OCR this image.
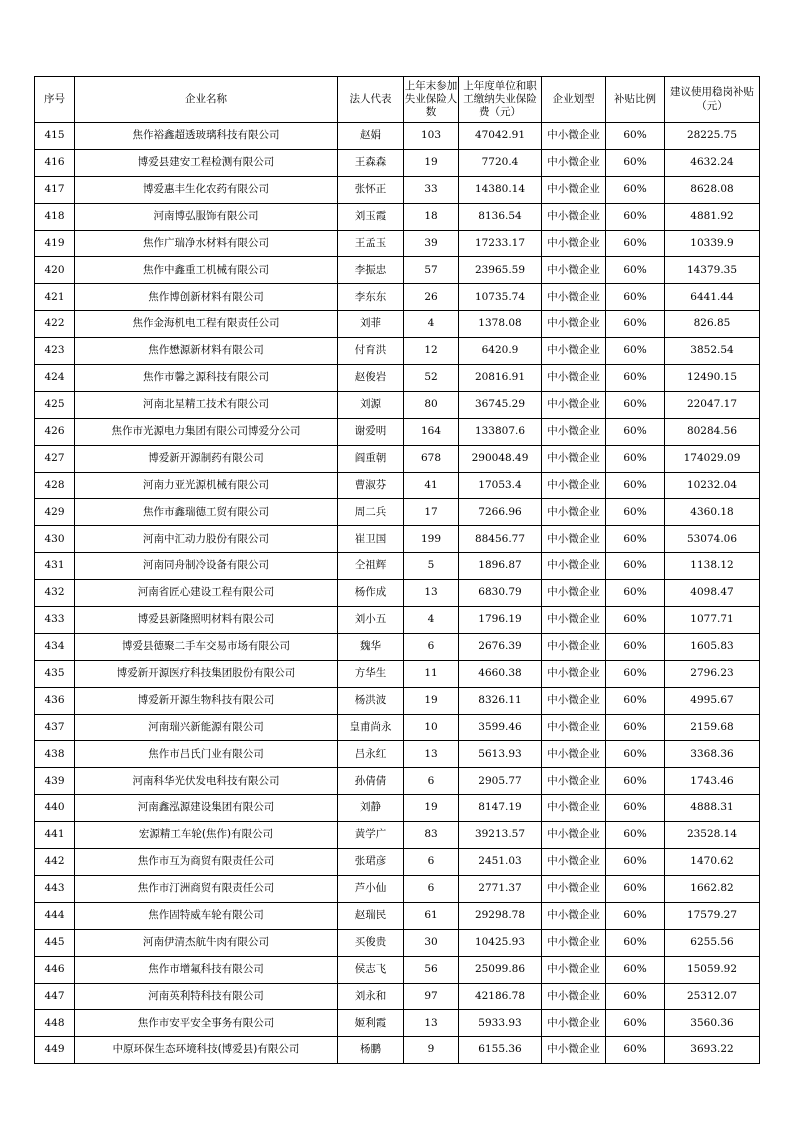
序号	企业名称	法人代表	上年末参加失业保险人数	上年度单位和职工缴纳失业保险费（元）	企业划型	补贴比例	建议使用稳岗补贴（元）
415	焦作裕鑫超透玻璃科技有限公司	赵娟	103	47042.91	中小微企业	60%	28225.75
416	博爱县建安工程检测有限公司	王森森	19	7720.4	中小微企业	60%	4632.24
417	博爱惠丰生化农药有限公司	张怀正	33	14380.14	中小微企业	60%	8628.08
418	河南博弘服饰有限公司	刘玉霞	18	8136.54	中小微企业	60%	4881.92
419	焦作广瑞净水材料有限公司	王孟玉	39	17233.17	中小微企业	60%	10339.9
420	焦作中鑫重工机械有限公司	李振忠	57	23965.59	中小微企业	60%	14379.35
421	焦作博创新材料有限公司	李东东	26	10735.74	中小微企业	60%	6441.44
422	焦作金海机电工程有限责任公司	刘菲	4	1378.08	中小微企业	60%	826.85
423	焦作懋源新材料有限公司	付育洪	12	6420.9	中小微企业	60%	3852.54
424	焦作市馨之源科技有限公司	赵俊岩	52	20816.91	中小微企业	60%	12490.15
425	河南北星精工技术有限公司	刘源	80	36745.29	中小微企业	60%	22047.17
426	焦作市光源电力集团有限公司博爱分公司	谢爱明	164	133807.6	中小微企业	60%	80284.56
427	博爱新开源制药有限公司	阎重朝	678	290048.49	中小微企业	60%	174029.09
428	河南力亚光源机械有限公司	曹淑芬	41	17053.4	中小微企业	60%	10232.04
429	焦作市鑫瑞德工贸有限公司	周二兵	17	7266.96	中小微企业	60%	4360.18
430	河南中汇动力股份有限公司	崔卫国	199	88456.77	中小微企业	60%	53074.06
431	河南同舟制冷设备有限公司	仝祖辉	5	1896.87	中小微企业	60%	1138.12
432	河南省匠心建设工程有限公司	杨作成	13	6830.79	中小微企业	60%	4098.47
433	博爱县新隆照明材料有限公司	刘小五	4	1796.19	中小微企业	60%	1077.71
434	博爱县德聚二手车交易市场有限公司	魏华	6	2676.39	中小微企业	60%	1605.83
435	博爱新开源医疗科技集团股份有限公司	方华生	11	4660.38	中小微企业	60%	2796.23
436	博爱新开源生物科技有限公司	杨洪波	19	8326.11	中小微企业	60%	4995.67
437	河南瑞兴新能源有限公司	皇甫尚永	10	3599.46	中小微企业	60%	2159.68
438	焦作市吕氏门业有限公司	吕永红	13	5613.93	中小微企业	60%	3368.36
439	河南科华光伏发电科技有限公司	孙倩倩	6	2905.77	中小微企业	60%	1743.46
440	河南鑫泓源建设集团有限公司	刘静	19	8147.19	中小微企业	60%	4888.31
441	宏源精工车轮(焦作)有限公司	黄学广	83	39213.57	中小微企业	60%	23528.14
442	焦作市互为商贸有限责任公司	张珺彦	6	2451.03	中小微企业	60%	1470.62
443	焦作市汀洲商贸有限责任公司	芦小仙	6	2771.37	中小微企业	60%	1662.82
444	焦作固特威车轮有限公司	赵瑞民	61	29298.78	中小微企业	60%	17579.27
445	河南伊清杰航牛肉有限公司	买俊贵	30	10425.93	中小微企业	60%	6255.56
446	焦作市增氟科技有限公司	侯志飞	56	25099.86	中小微企业	60%	15059.92
447	河南英利特科技有限公司	刘永和	97	42186.78	中小微企业	60%	25312.07
448	焦作市安平安全事务有限公司	姬利霞	13	5933.93	中小微企业	60%	3560.36
449	中原环保生态环境科技(博爱县)有限公司	杨鹏	9	6155.36	中小微企业	60%	3693.22
